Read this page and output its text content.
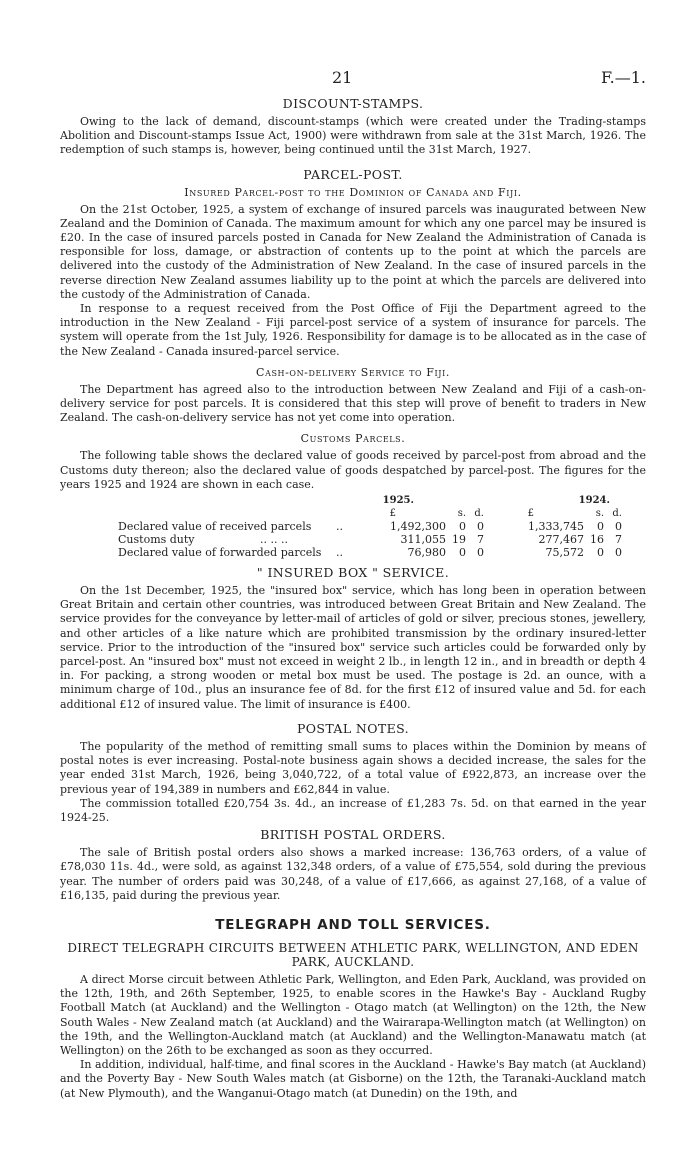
21	F.—1.
DISCOUNT-STAMPS.

Owing to the lack of demand, discount-stamps (which were created under the Trading-stamps Abolition and Discount-stamps Issue Act, 1900) were withdrawn from sale at the 31st March, 1926. The redemption of such stamps is, however, being continued until the 31st March, 1927.

PARCEL-POST.
Insured Parcel-post to the Dominion of Canada and Fiji.

On the 21st October, 1925, a system of exchange of insured parcels was inaugurated between New Zealand and the Dominion of Canada. The maximum amount for which any one parcel may be insured is £20. In the case of insured parcels posted in Canada for New Zealand the Administration of Canada is responsible for loss, damage, or abstraction of contents up to the point at which the parcels are delivered into the custody of the Administration of New Zealand. In the case of insured parcels in the reverse direction New Zealand assumes liability up to the point at which the parcels are delivered into the custody of the Administration of Canada.

In response to a request received from the Post Office of Fiji the Department agreed to the introduction in the New Zealand - Fiji parcel-post service of a system of insurance for parcels. The system will operate from the 1st July, 1926. Responsibility for damage is to be allocated as in the case of the New Zealand - Canada insured-parcel service.

Cash-on-delivery Service to Fiji.

The Department has agreed also to the introduction between New Zealand and Fiji of a cash-on-delivery service for post parcels. It is considered that this step will prove of benefit to traders in New Zealand. The cash-on-delivery service has not yet come into operation.

Customs Parcels.

The following table shows the declared value of goods received by parcel-post from abroad and the Customs duty thereon; also the declared value of goods despatched by parcel-post. The figures for the years 1925 and 1924 are shown in each case.

1925.	1924.
£	s. d.	£	s. d.
Declared value of received parcels ..	1,492,300 0 0	1,333,745 0 0
Customs duty	.. .. ..	311,055 19 7	277,467 16 7
Declared value of forwarded parcels ..	76,980 0 0	75,572 0 0
" INSURED BOX " SERVICE.

On the 1st December, 1925, the "insured box" service, which has long been in operation between Great Britain and certain other countries, was introduced between Great Britain and New Zealand. The service provides for the conveyance by letter-mail of articles of gold or silver, precious stones, jewellery, and other articles of a like nature which are prohibited transmission by the ordinary insured-letter service. Prior to the introduction of the "insured box" service such articles could be forwarded only by parcel-post. An "insured box" must not exceed in weight 2 lb., in length 12 in., and in breadth or depth 4 in. For packing, a strong wooden or metal box must be used. The postage is 2d. an ounce, with a minimum charge of 10d., plus an insurance fee of 8d. for the first £12 of insured value and 5d. for each additional £12 of insured value. The limit of insurance is £400.

POSTAL NOTES.

The popularity of the method of remitting small sums to places within the Dominion by means of postal notes is ever increasing. Postal-note business again shows a decided increase, the sales for the year ended 31st March, 1926, being 3,040,722, of a total value of £922,873, an increase over the previous year of 194,389 in numbers and £62,844 in value.

The commission totalled £20,754 3s. 4d., an increase of £1,283 7s. 5d. on that earned in the year 1924-25.

BRITISH POSTAL ORDERS.

The sale of British postal orders also shows a marked increase: 136,763 orders, of a value of £78,030 11s. 4d., were sold, as against 132,348 orders, of a value of £75,554, sold during the previous year. The number of orders paid was 30,248, of a value of £17,666, as against 27,168, of a value of £16,135, paid during the previous year.

TELEGRAPH AND TOLL SERVICES.
DIRECT TELEGRAPH CIRCUITS BETWEEN ATHLETIC PARK, WELLINGTON, AND EDEN PARK, AUCKLAND.

A direct Morse circuit between Athletic Park, Wellington, and Eden Park, Auckland, was provided on the 12th, 19th, and 26th September, 1925, to enable scores in the Hawke's Bay - Auckland Rugby Football Match (at Auckland) and the Wellington - Otago match (at Wellington) on the 12th, the New South Wales - New Zealand match (at Auckland) and the Wairarapa-Wellington match (at Wellington) on the 19th, and the Wellington-Auckland match (at Auckland) and the Wellington-Manawatu match (at Wellington) on the 26th to be exchanged as soon as they occurred.

In addition, individual, half-time, and final scores in the Auckland - Hawke's Bay match (at Auckland) and the Poverty Bay - New South Wales match (at Gisborne) on the 12th, the Taranaki-Auckland match (at New Plymouth), and the Wanganui-Otago match (at Dunedin) on the 19th, and
